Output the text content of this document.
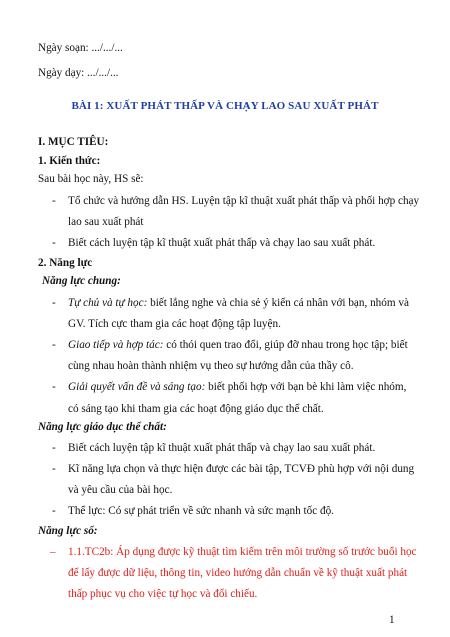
Ngày soạn: .../.../...
Ngày dạy: .../.../...
BÀI 1: XUẤT PHÁT THẤP VÀ CHẠY LAO SAU XUẤT PHÁT
I. MỤC TIÊU:
1. Kiến thức:
Sau bài học này, HS sẽ:
- Tổ chức và hướng dẫn HS. Luyện tập kĩ thuật xuất phát thấp và phối hợp chạy
lao sau xuất phát
- Biết cách luyện tập kĩ thuật xuất phát thấp và chạy lao sau xuất phát.
2. Năng lực
Năng lực chung:
- Tự chủ và tự học: biết lắng nghe và chia sẻ ý kiến cá nhân với bạn, nhóm và
GV. Tích cực tham gia các hoạt động tập luyện.
- Giao tiếp và hợp tác: có thói quen trao đổi, giúp đỡ nhau trong học tập; biết
cùng nhau hoàn thành nhiệm vụ theo sự hướng dẫn của thầy cô.
- Giải quyết vấn đề và sáng tạo: biết phối hợp với bạn bè khi làm việc nhóm,
có sáng tạo khi tham gia các hoạt động giáo dục thể chất.
Năng lực giáo dục thể chất:
- Biết cách luyện tập kĩ thuật xuất phát thấp và chạy lao sau xuất phát.
- Kĩ năng lựa chọn và thực hiện được các bài tập, TCVĐ phù hợp với nội dung
và yêu cầu của bài học.
- Thể lực: Có sự phát triển về sức nhanh và sức mạnh tốc độ.
Năng lực số:
– 1.1.TC2b: Áp dụng được kỹ thuật tìm kiếm trên môi trường số trước buổi học
để lấy được dữ liệu, thông tin, video hướng dẫn chuẩn về kỹ thuật xuất phát
thấp phục vụ cho việc tự học và đối chiếu.
1
